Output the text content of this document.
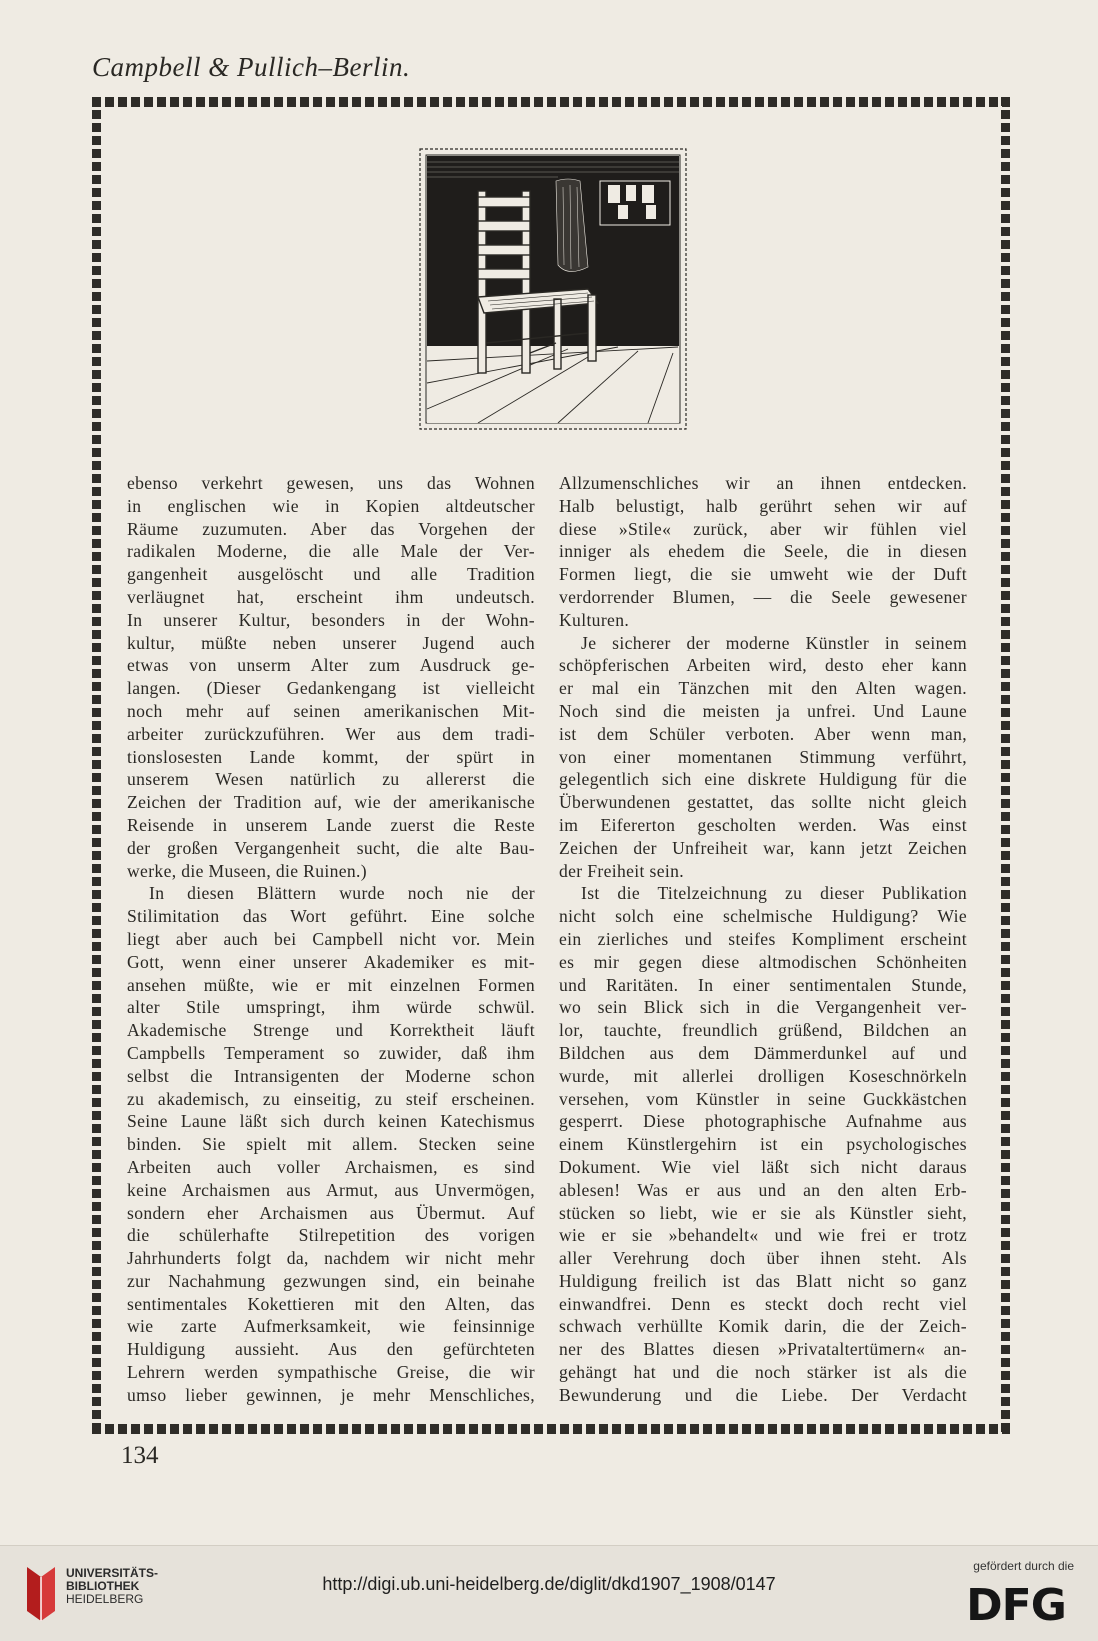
Campbell & Pullich–Berlin.
ebenso verkehrt gewesen, uns das Wohnen
in englischen wie in Kopien altdeutscher
Räume zuzumuten. Aber das Vorgehen der
radikalen Moderne, die alle Male der Ver-
gangenheit ausgelöscht und alle Tradition
verläugnet hat, erscheint ihm undeutsch.
In unserer Kultur, besonders in der Wohn-
kultur, müßte neben unserer Jugend auch
etwas von unserm Alter zum Ausdruck ge-
langen. (Dieser Gedankengang ist vielleicht
noch mehr auf seinen amerikanischen Mit-
arbeiter zurückzuführen. Wer aus dem tradi-
tionslosesten Lande kommt, der spürt in
unserem Wesen natürlich zu allererst die
Zeichen der Tradition auf, wie der amerikanische
Reisende in unserem Lande zuerst die Reste
der großen Vergangenheit sucht, die alte Bau-
werke, die Museen, die Ruinen.)
In diesen Blättern wurde noch nie der
Stilimitation das Wort geführt. Eine solche
liegt aber auch bei Campbell nicht vor. Mein
Gott, wenn einer unserer Akademiker es mit-
ansehen müßte, wie er mit einzelnen Formen
alter Stile umspringt, ihm würde schwül.
Akademische Strenge und Korrektheit läuft
Campbells Temperament so zuwider, daß ihm
selbst die Intransigenten der Moderne schon
zu akademisch, zu einseitig, zu steif erscheinen.
Seine Laune läßt sich durch keinen Katechismus
binden. Sie spielt mit allem. Stecken seine
Arbeiten auch voller Archaismen, es sind
keine Archaismen aus Armut, aus Unvermögen,
sondern eher Archaismen aus Übermut. Auf
die schülerhafte Stilrepetition des vorigen
Jahrhunderts folgt da, nachdem wir nicht mehr
zur Nachahmung gezwungen sind, ein beinahe
sentimentales Kokettieren mit den Alten, das
wie zarte Aufmerksamkeit, wie feinsinnige
Huldigung aussieht. Aus den gefürchteten
Lehrern werden sympathische Greise, die wir
umso lieber gewinnen, je mehr Menschliches,
Allzumenschliches wir an ihnen entdecken.
Halb belustigt, halb gerührt sehen wir auf
diese »Stile« zurück, aber wir fühlen viel
inniger als ehedem die Seele, die in diesen
Formen liegt, die sie umweht wie der Duft
verdorrender Blumen, — die Seele gewesener
Kulturen.
Je sicherer der moderne Künstler in seinem
schöpferischen Arbeiten wird, desto eher kann
er mal ein Tänzchen mit den Alten wagen.
Noch sind die meisten ja unfrei. Und Laune
ist dem Schüler verboten. Aber wenn man,
von einer momentanen Stimmung verführt,
gelegentlich sich eine diskrete Huldigung für die
Überwundenen gestattet, das sollte nicht gleich
im Eifererton gescholten werden. Was einst
Zeichen der Unfreiheit war, kann jetzt Zeichen
der Freiheit sein.
Ist die Titelzeichnung zu dieser Publikation
nicht solch eine schelmische Huldigung? Wie
ein zierliches und steifes Kompliment erscheint
es mir gegen diese altmodischen Schönheiten
und Raritäten. In einer sentimentalen Stunde,
wo sein Blick sich in die Vergangenheit ver-
lor, tauchte, freundlich grüßend, Bildchen an
Bildchen aus dem Dämmerdunkel auf und
wurde, mit allerlei drolligen Koseschnörkeln
versehen, vom Künstler in seine Guckkästchen
gesperrt. Diese photographische Aufnahme aus
einem Künstlergehirn ist ein psychologisches
Dokument. Wie viel läßt sich nicht daraus
ablesen! Was er aus und an den alten Erb-
stücken so liebt, wie er sie als Künstler sieht,
wie er sie »behandelt« und wie frei er trotz
aller Verehrung doch über ihnen steht. Als
Huldigung freilich ist das Blatt nicht so ganz
einwandfrei. Denn es steckt doch recht viel
schwach verhüllte Komik darin, die der Zeich-
ner des Blattes diesen »Privataltertümern« an-
gehängt hat und die noch stärker ist als die
Bewunderung und die Liebe. Der Verdacht
134
UNIVERSITÄTS-
BIBLIOTHEK
HEIDELBERG
http://digi.ub.uni-heidelberg.de/diglit/dkd1907_1908/0147
gefördert durch die
DFG
